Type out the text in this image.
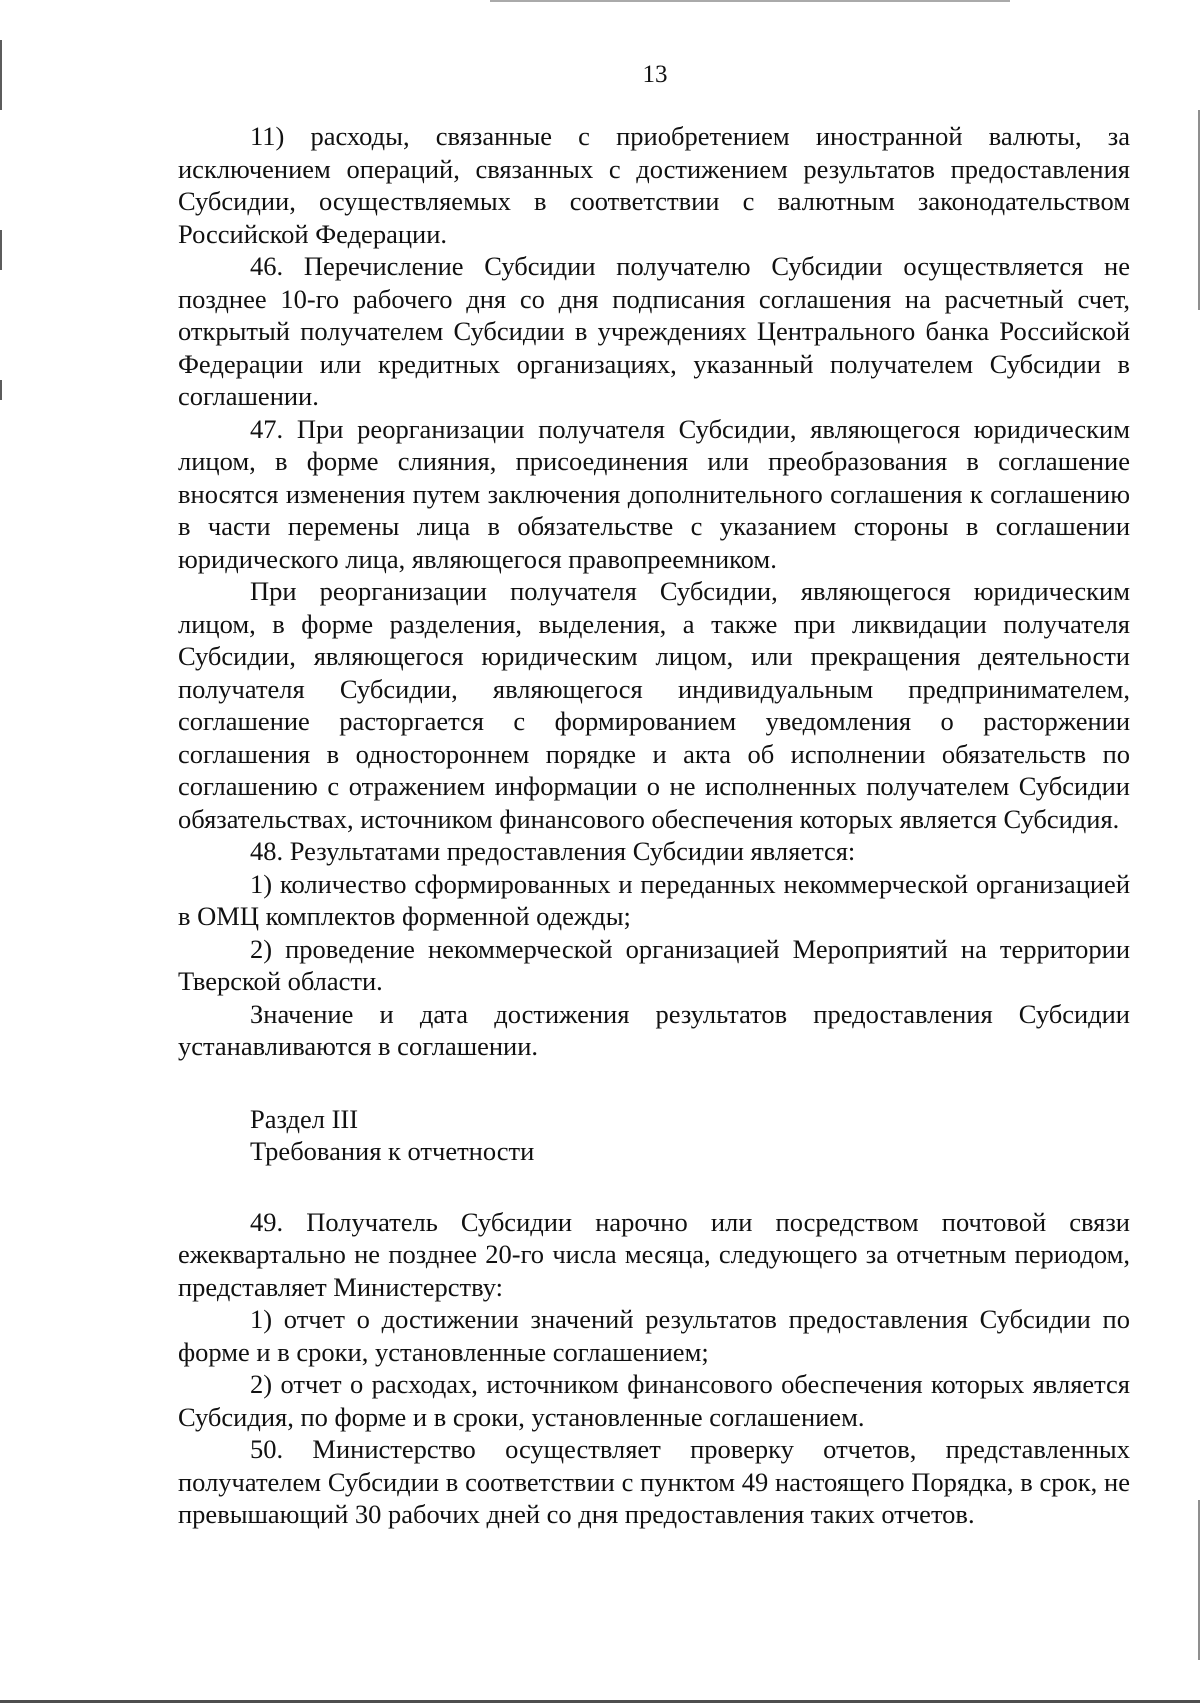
13

11) расходы, связанные с приобретением иностранной валюты, за исключением операций, связанных с достижением результатов предоставления Субсидии, осуществляемых в соответствии с валютным законодательством Российской Федерации.

46. Перечисление Субсидии получателю Субсидии осуществляется не позднее 10-го рабочего дня со дня подписания соглашения на расчетный счет, открытый получателем Субсидии в учреждениях Центрального банка Российской Федерации или кредитных организациях, указанный получателем Субсидии в соглашении.

47. При реорганизации получателя Субсидии, являющегося юридическим лицом, в форме слияния, присоединения или преобразования в соглашение вносятся изменения путем заключения дополнительного соглашения к соглашению в части перемены лица в обязательстве с указанием стороны в соглашении юридического лица, являющегося правопреемником.

При реорганизации получателя Субсидии, являющегося юридическим лицом, в форме разделения, выделения, а также при ликвидации получателя Субсидии, являющегося юридическим лицом, или прекращения деятельности получателя Субсидии, являющегося индивидуальным предпринимателем, соглашение расторгается с формированием уведомления о расторжении соглашения в одностороннем порядке и акта об исполнении обязательств по соглашению с отражением информации о не исполненных получателем Субсидии обязательствах, источником финансового обеспечения которых является Субсидия.

48. Результатами предоставления Субсидии является:

1) количество сформированных и переданных некоммерческой организацией в ОМЦ комплектов форменной одежды;

2) проведение некоммерческой организацией Мероприятий на территории Тверской области.

Значение и дата достижения результатов предоставления Субсидии устанавливаются в соглашении.

Раздел III

Требования к отчетности

49. Получатель Субсидии нарочно или посредством почтовой связи ежеквартально не позднее 20-го числа месяца, следующего за отчетным периодом, представляет Министерству:

1) отчет о достижении значений результатов предоставления Субсидии по форме и в сроки, установленные соглашением;

2) отчет о расходах, источником финансового обеспечения которых является Субсидия, по форме и в сроки, установленные соглашением.

50. Министерство осуществляет проверку отчетов, представленных получателем Субсидии в соответствии с пунктом 49 настоящего Порядка, в срок, не превышающий 30 рабочих дней со дня предоставления таких отчетов.
